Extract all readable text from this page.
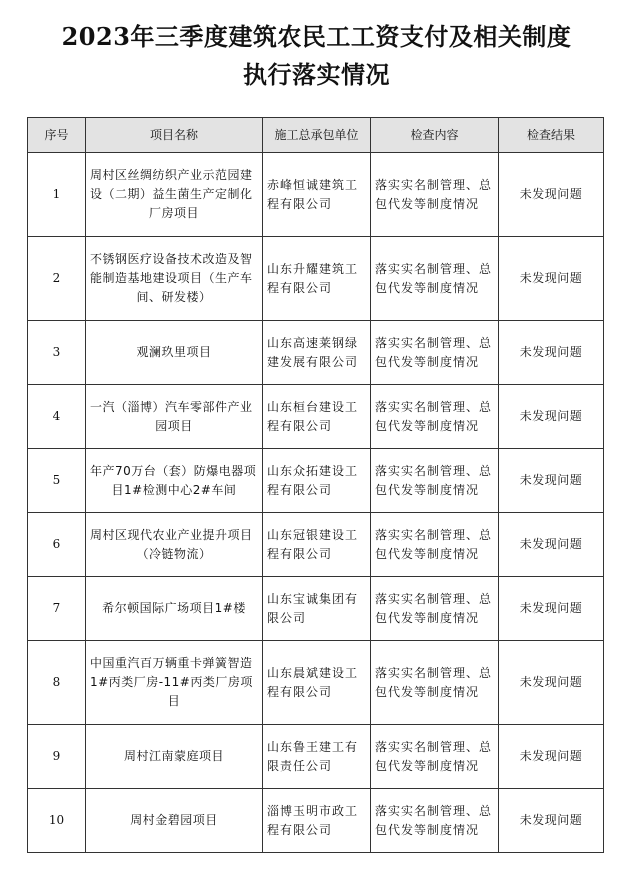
2023年三季度建筑农民工工资支付及相关制度
执行落实情况
序号	项目名称	施工总承包单位	检查内容	检查结果
1	周村区丝绸纺织产业示范园建设（二期）益生菌生产定制化厂房项目	赤峰恒诚建筑工程有限公司	落实实名制管理、总包代发等制度情况	未发现问题
2	不锈钢医疗设备技术改造及智能制造基地建设项目（生产车间、研发楼）	山东升耀建筑工程有限公司	落实实名制管理、总包代发等制度情况	未发现问题
3	观澜玖里项目	山东高速莱钢绿建发展有限公司	落实实名制管理、总包代发等制度情况	未发现问题
4	一汽（淄博）汽车零部件产业园项目	山东桓台建设工程有限公司	落实实名制管理、总包代发等制度情况	未发现问题
5	年产70万台（套）防爆电器项目1#检测中心2#车间	山东众拓建设工程有限公司	落实实名制管理、总包代发等制度情况	未发现问题
6	周村区现代农业产业提升项目（冷链物流）	山东冠银建设工程有限公司	落实实名制管理、总包代发等制度情况	未发现问题
7	希尔顿国际广场项目1#楼	山东宝诚集团有限公司	落实实名制管理、总包代发等制度情况	未发现问题
8	中国重汽百万辆重卡弹簧智造1#丙类厂房-11#丙类厂房项目	山东晨斌建设工程有限公司	落实实名制管理、总包代发等制度情况	未发现问题
9	周村江南蒙庭项目	山东鲁王建工有限责任公司	落实实名制管理、总包代发等制度情况	未发现问题
10	周村金碧园项目	淄博玉明市政工程有限公司	落实实名制管理、总包代发等制度情况	未发现问题
